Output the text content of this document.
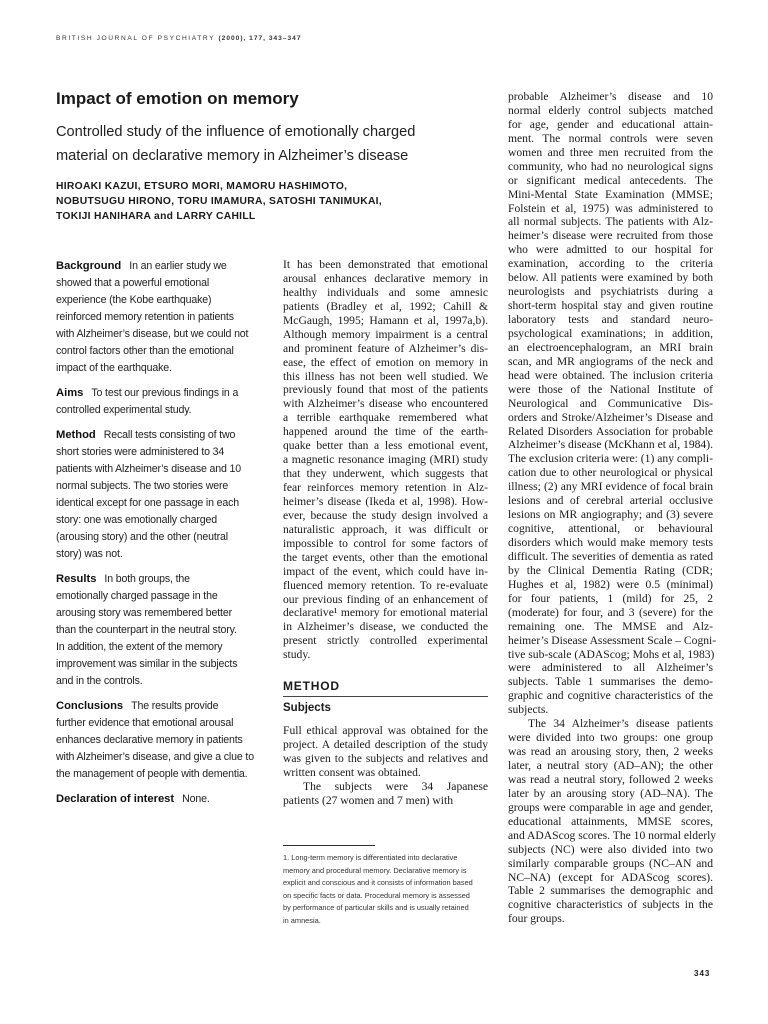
BRITISH JOURNAL OF PSYCHIATRY (2000), 177, 343–347
Impact of emotion on memory
Controlled study of the influence of emotionally charged
material on declarative memory in Alzheimer’s disease
HIROAKI KAZUI, ETSURO MORI, MAMORU HASHIMOTO,
NOBUTSUGU HIRONO, TORU IMAMURA, SATOSHI TANIMUKAI,
TOKIJI HANIHARA and LARRY CAHILL
Background In an earlier study we
showed that a powerful emotional
experience (the Kobe earthquake)
reinforced memory retention in patients
with Alzheimer’s disease, but we could not
control factors other than the emotional
impact of the earthquake.
Aims To test our previous findings in a
controlled experimental study.
Method Recall tests consisting of two
short stories were administered to 34
patients with Alzheimer’s disease and 10
normal subjects. The two stories were
identical except for one passage in each
story: one was emotionally charged
(arousing story) and the other (neutral
story) was not.
Results In both groups, the
emotionally charged passage in the
arousing story was remembered better
than the counterpart in the neutral story.
In addition, the extent of the memory
improvement was similar in the subjects
and in the controls.
Conclusions The results provide
further evidence that emotional arousal
enhances declarative memory in patients
with Alzheimer’s disease, and give a clue to
the management of people with dementia.
Declaration of interest None.
It has been demonstrated that emotional
arousal enhances declarative memory in
healthy individuals and some amnesic
patients (Bradley et al, 1992; Cahill &
McGaugh, 1995; Hamann et al, 1997a,b).
Although memory impairment is a central
and prominent feature of Alzheimer’s dis-
ease, the effect of emotion on memory in
this illness has not been well studied. We
previously found that most of the patients
with Alzheimer’s disease who encountered
a terrible earthquake remembered what
happened around the time of the earth-
quake better than a less emotional event,
a magnetic resonance imaging (MRI) study
that they underwent, which suggests that
fear reinforces memory retention in Alz-
heimer’s disease (Ikeda et al, 1998). How-
ever, because the study design involved a
naturalistic approach, it was difficult or
impossible to control for some factors of
the target events, other than the emotional
impact of the event, which could have in-
fluenced memory retention. To re-evaluate
our previous finding of an enhancement of
declarative¹ memory for emotional material
in Alzheimer’s disease, we conducted the
present strictly controlled experimental
study.
METHOD
Subjects
Full ethical approval was obtained for the
project. A detailed description of the study
was given to the subjects and relatives and
written consent was obtained.
The subjects were 34 Japanese
patients (27 women and 7 men) with
1. Long-term memory is differentiated into declarative
memory and procedural memory. Declarative memory is
explicit and conscious and it consists of information based
on specific facts or data. Procedural memory is assessed
by performance of particular skills and is usually retained
in amnesia.
probable Alzheimer’s disease and 10
normal elderly control subjects matched
for age, gender and educational attain-
ment. The normal controls were seven
women and three men recruited from the
community, who had no neurological signs
or significant medical antecedents. The
Mini-Mental State Examination (MMSE;
Folstein et al, 1975) was administered to
all normal subjects. The patients with Alz-
heimer’s disease were recruited from those
who were admitted to our hospital for
examination, according to the criteria
below. All patients were examined by both
neurologists and psychiatrists during a
short-term hospital stay and given routine
laboratory tests and standard neuro-
psychological examinations; in addition,
an electroencephalogram, an MRI brain
scan, and MR angiograms of the neck and
head were obtained. The inclusion criteria
were those of the National Institute of
Neurological and Communicative Dis-
orders and Stroke/Alzheimer’s Disease and
Related Disorders Association for probable
Alzheimer’s disease (McKhann et al, 1984).
The exclusion criteria were: (1) any compli-
cation due to other neurological or physical
illness; (2) any MRI evidence of focal brain
lesions and of cerebral arterial occlusive
lesions on MR angiography; and (3) severe
cognitive, attentional, or behavioural
disorders which would make memory tests
difficult. The severities of dementia as rated
by the Clinical Dementia Rating (CDR;
Hughes et al, 1982) were 0.5 (minimal)
for four patients, 1 (mild) for 25, 2
(moderate) for four, and 3 (severe) for the
remaining one. The MMSE and Alz-
heimer’s Disease Assessment Scale – Cogni-
tive sub-scale (ADAScog; Mohs et al, 1983)
were administered to all Alzheimer’s
subjects. Table 1 summarises the demo-
graphic and cognitive characteristics of the
subjects.
The 34 Alzheimer’s disease patients
were divided into two groups: one group
was read an arousing story, then, 2 weeks
later, a neutral story (AD–AN); the other
was read a neutral story, followed 2 weeks
later by an arousing story (AD–NA). The
groups were comparable in age and gender,
educational attainments, MMSE scores,
and ADAScog scores. The 10 normal elderly
subjects (NC) were also divided into two
similarly comparable groups (NC–AN and
NC–NA) (except for ADAScog scores).
Table 2 summarises the demographic and
cognitive characteristics of subjects in the
four groups.
343
